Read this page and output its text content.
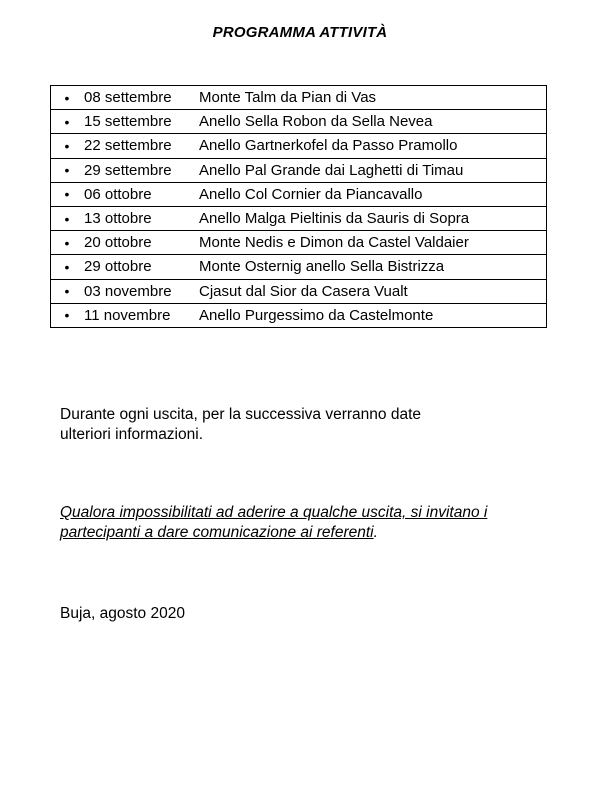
PROGRAMMA ATTIVITÀ
•	08 settembre	Monte Talm da Pian di Vas
•	15 settembre	Anello Sella Robon da Sella Nevea
•	22 settembre	Anello Gartnerkofel da Passo Pramollo
•	29 settembre	Anello Pal Grande dai Laghetti di Timau
•	06 ottobre	Anello Col Cornier da Piancavallo
•	13 ottobre	Anello Malga Pieltinis da Sauris di Sopra
•	20 ottobre	Monte Nedis e Dimon da Castel Valdaier
•	29 ottobre	Monte Osternig anello Sella Bistrizza
•	03 novembre	Cjasut dal Sior da Casera Vualt
•	11 novembre	Anello Purgessimo da Castelmonte
Durante ogni uscita, per la successiva verranno date
ulteriori informazioni.
Qualora impossibilitati ad aderire a qualche uscita, si invitano i partecipanti a dare comunicazione ai referenti.
Buja, agosto 2020
